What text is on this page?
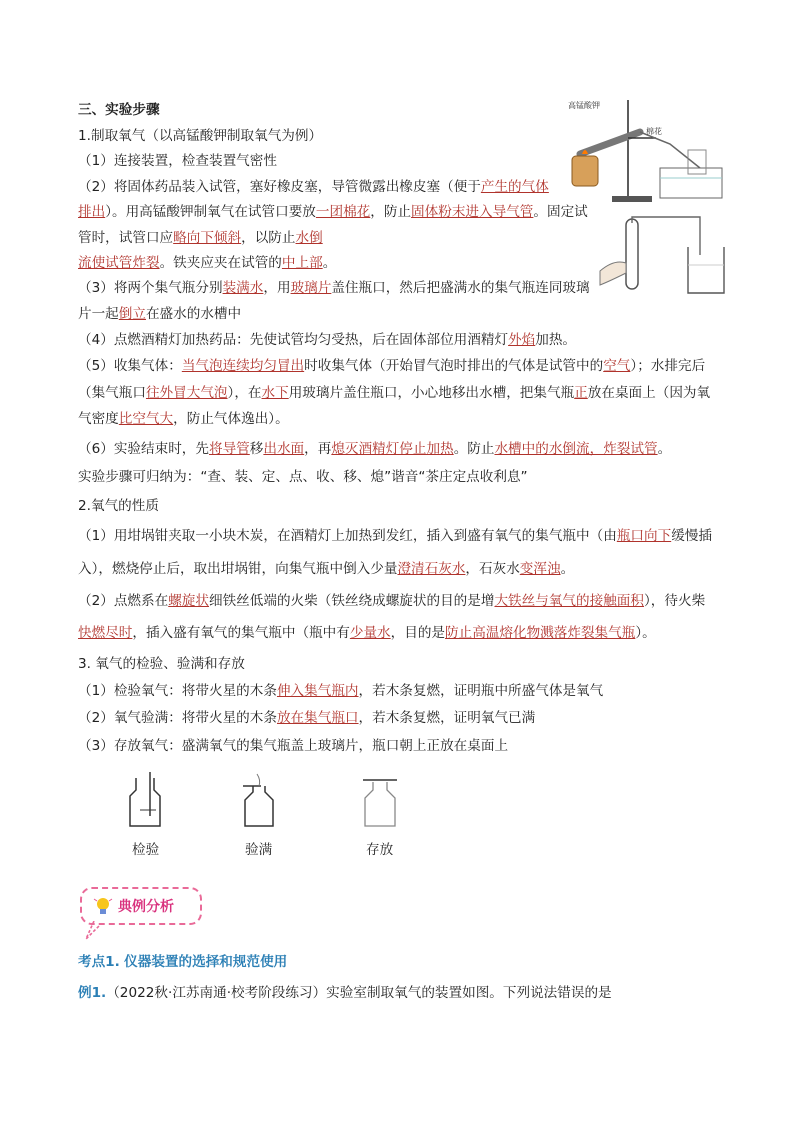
三、实验步骤
1.制取氧气（以高锰酸钾制取氧气为例）
（1）连接装置，检查装置气密性
（2）将固体药品装入试管，塞好橡皮塞，导管微露出橡皮塞（便于产生的气体
排出）。用高锰酸钾制氧气在试管口要放一团棉花，防止固体粉末进入导气管。固定试
管时，试管口应略向下倾斜，以防止水倒
流使试管炸裂。铁夹应夹在试管的中上部。
（3）将两个集气瓶分别装满水，用玻璃片盖住瓶口，然后把盛满水的集气瓶连同玻璃
片一起倒立在盛水的水槽中
（4）点燃酒精灯加热药品：先使试管均匀受热，后在固体部位用酒精灯外焰加热。
（5）收集气体：当气泡连续均匀冒出时收集气体（开始冒气泡时排出的气体是试管中的空气）；水排完后
（集气瓶口往外冒大气泡），在水下用玻璃片盖住瓶口，小心地移出水槽，把集气瓶正放在桌面上（因为氧
气密度比空气大，防止气体逸出）。
（6）实验结束时，先将导管移出水面，再熄灭酒精灯停止加热。防止水槽中的水倒流，炸裂试管。
实验步骤可归纳为：“查、装、定、点、收、移、熄”谐音“茶庄定点收利息”
2.氧气的性质
（1）用坩埚钳夹取一小块木炭，在酒精灯上加热到发红，插入到盛有氧气的集气瓶中（由瓶口向下缓慢插
入），燃烧停止后，取出坩埚钳，向集气瓶中倒入少量澄清石灰水，石灰水变浑浊。
（2）点燃系在螺旋状细铁丝低端的火柴（铁丝绕成螺旋状的目的是增大铁丝与氧气的接触面积），待火柴
快燃尽时，插入盛有氧气的集气瓶中（瓶中有少量水，目的是防止高温熔化物溅落炸裂集气瓶）。
3. 氧气的检验、验满和存放
（1）检验氧气：将带火星的木条伸入集气瓶内，若木条复燃，证明瓶中所盛气体是氧气
（2）氧气验满：将带火星的木条放在集气瓶口，若木条复燃，证明氧气已满
（3）存放氧气：盛满氧气的集气瓶盖上玻璃片，瓶口朝上正放在桌面上
高锰酸钾
棉花
检验	验满	存放
典例分析
考点1. 仪器装置的选择和规范使用
例1.（2022秋·江苏南通·校考阶段练习）实验室制取氧气的装置如图。下列说法错误的是
